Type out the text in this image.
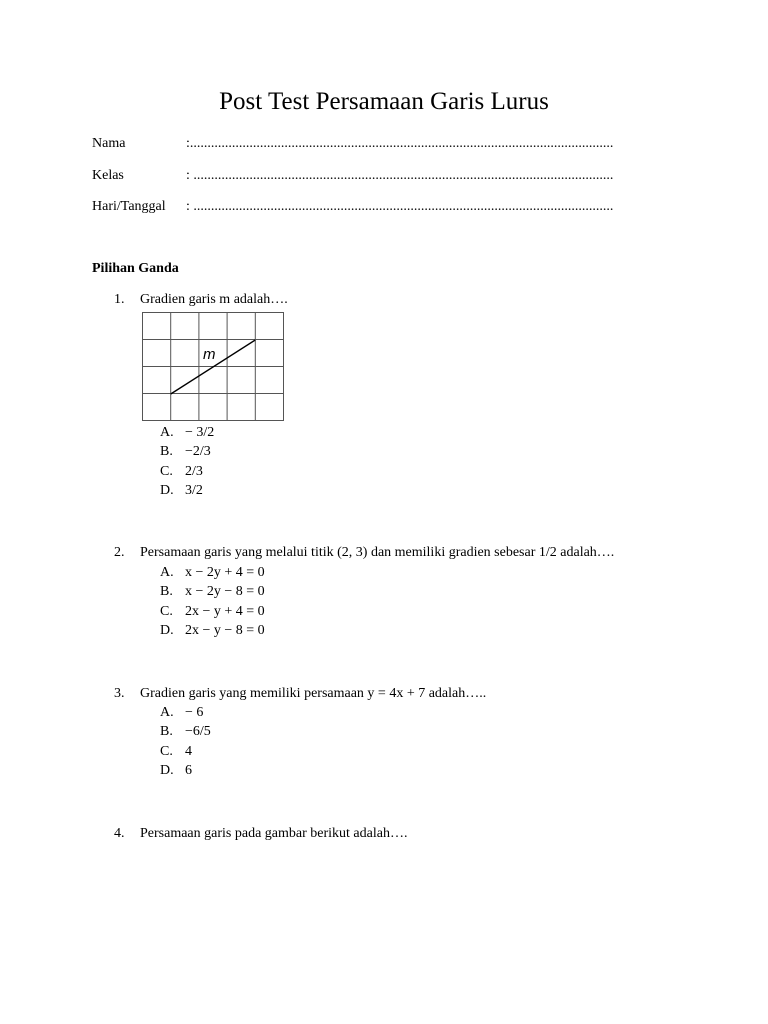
Post Test Persamaan Garis Lurus
Nama	:.........................................................................................................................
Kelas	: ........................................................................................................................
Hari/Tanggal : ........................................................................................................................
Pilihan Ganda
1. Gradien garis m adalah….
m
A. − 3/2
B. −2/3
C. 2/3
D. 3/2
2. Persamaan garis yang melalui titik (2, 3) dan memiliki gradien sebesar 1/2 adalah….
A. x − 2y + 4 = 0
B. x − 2y − 8 = 0
C. 2x − y + 4 = 0
D. 2x − y − 8 = 0
3. Gradien garis yang memiliki persamaan y = 4x + 7 adalah…..
A. − 6
B. −6/5
C. 4
D. 6
4. Persamaan garis pada gambar berikut adalah….
